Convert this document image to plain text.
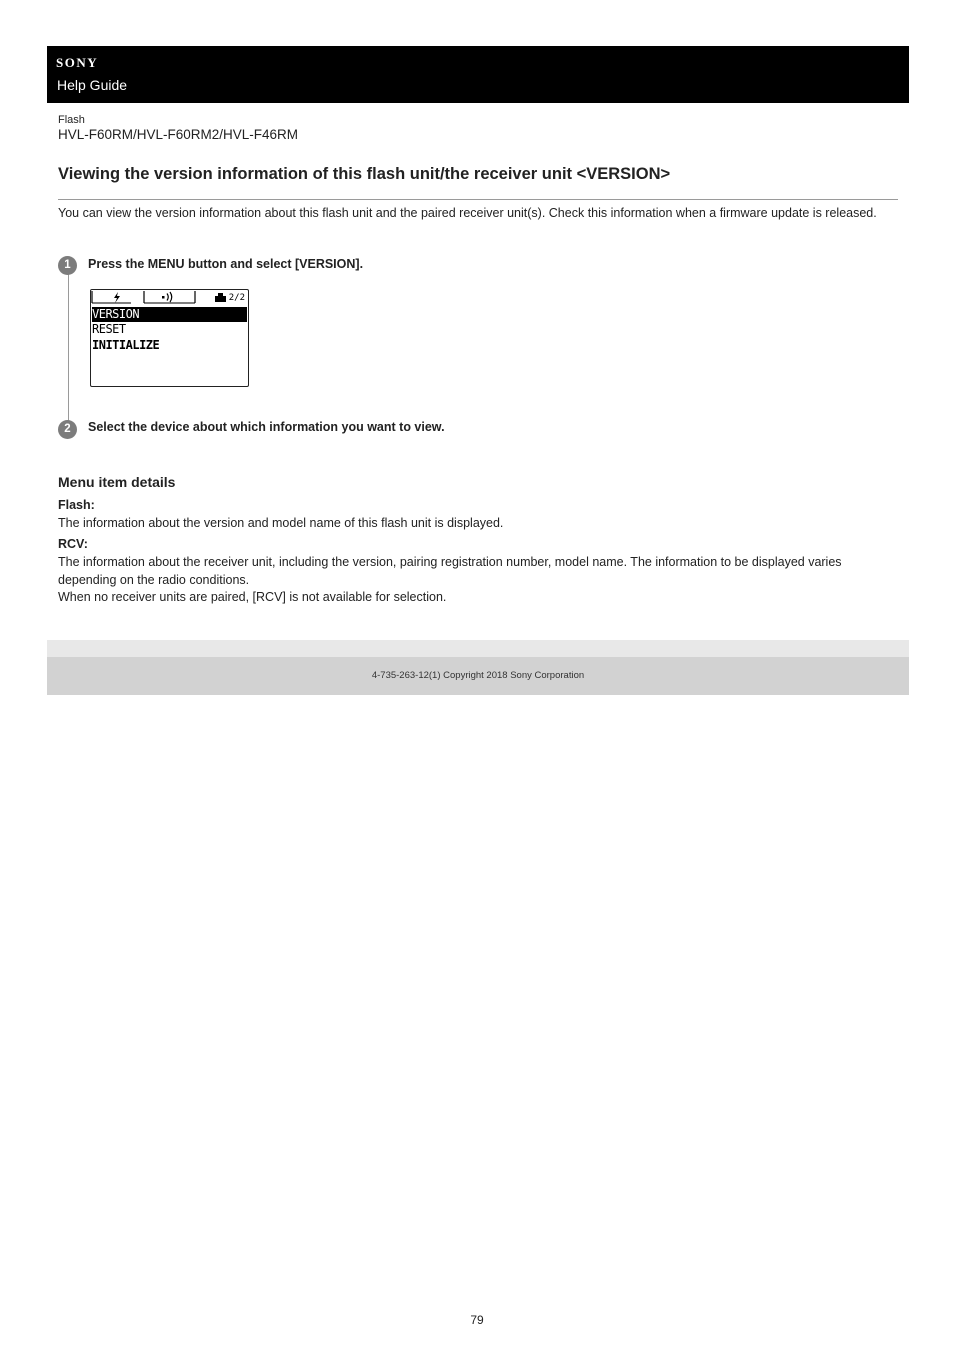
SONY
Help Guide
Flash
HVL-F60RM/HVL-F60RM2/HVL-F46RM
Viewing the version information of this flash unit/the receiver unit <VERSION>
You can view the version information about this flash unit and the paired receiver unit(s). Check this information when a firmware update is released.
1	Press the MENU button and select [VERSION].
2/2
VERSION
RESET
INITIALIZE
2	Select the device about which information you want to view.
Menu item details
Flash:
The information about the version and model name of this flash unit is displayed.
RCV:
The information about the receiver unit, including the version, pairing registration number, model name. The information to be displayed varies depending on the radio conditions.
When no receiver units are paired, [RCV] is not available for selection.
4-735-263-12(1) Copyright 2018 Sony Corporation
79
